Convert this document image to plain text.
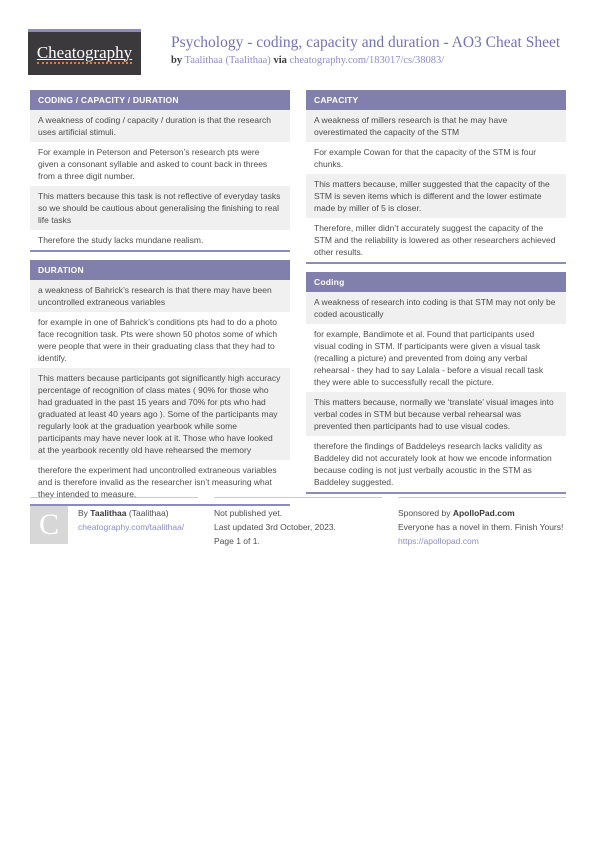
Cheatography	Psychology - coding, capacity and duration - AO3 Cheat Sheet
by Taalithaa (Taalithaa) via cheatography.com/183017/cs/38083/
CODING / CAPACITY / DURATION
A weakness of coding / capacity / duration is that the research uses artificial stimuli.
For example in Peterson and Peterson’s research pts were given a consonant syllable and asked to count back in threes from a three digit number.
This matters because this task is not reflective of everyday tasks so we should be cautious about generalising the finishing to real life tasks
Therefore the study lacks mundane realism.
DURATION
a weakness of Bahrick’s research is that there may have been uncontrolled extraneous variables
for example in one of Bahrick’s conditions pts had to do a photo face recognition task. Pts were shown 50 photos some of which were people that were in their graduating class that they had to identify.
This matters because participants got significantly high accuracy percentage of recognition of class mates ( 90% for those who had graduated in the past 15 years and 70% for pts who had graduated at least 40 years ago ). Some of the participants may regularly look at the graduation yearbook while some participants may have never look at it. Those who have looked at the yearbook recently old have rehearsed the memory
therefore the experiment had uncontrolled extraneous variables and is therefore invalid as the researcher isn’t measuring what they intended to measure.
CAPACITY
A weakness of millers research is that he may have overestimated the capacity of the STM
For example Cowan for that the capacity of the STM is four chunks.
This matters because, miller suggested that the capacity of the STM is seven items which is different and the lower estimate made by miller of 5 is closer.
Therefore, miller didn’t accurately suggest the capacity of the STM and the reliability is lowered as other researchers achieved other results.
Coding
A weakness of research into coding is that STM may not only be coded acoustically
for example, Bandimote et al. Found that participants used visual coding in STM. If participants were given a visual task (recalling a picture) and prevented from doing any verbal rehearsal - they had to say Lalala - before a visual recall task they were able to successfully recall the picture.
This matters because, normally we ‘translate’ visual images into verbal codes in STM but because verbal rehearsal was prevented then participants had to use visual codes.
therefore the findings of Baddeleys research lacks validity as Baddeley did not accurately look at how we encode information because coding is not just verbally acoustic in the STM as Baddeley suggested.
C By Taalithaa (Taalithaa)
cheatography.com/taalithaa/
Not published yet.
Last updated 3rd October, 2023.
Page 1 of 1.
Sponsored by ApolloPad.com
Everyone has a novel in them. Finish Yours!
https://apollopad.com
